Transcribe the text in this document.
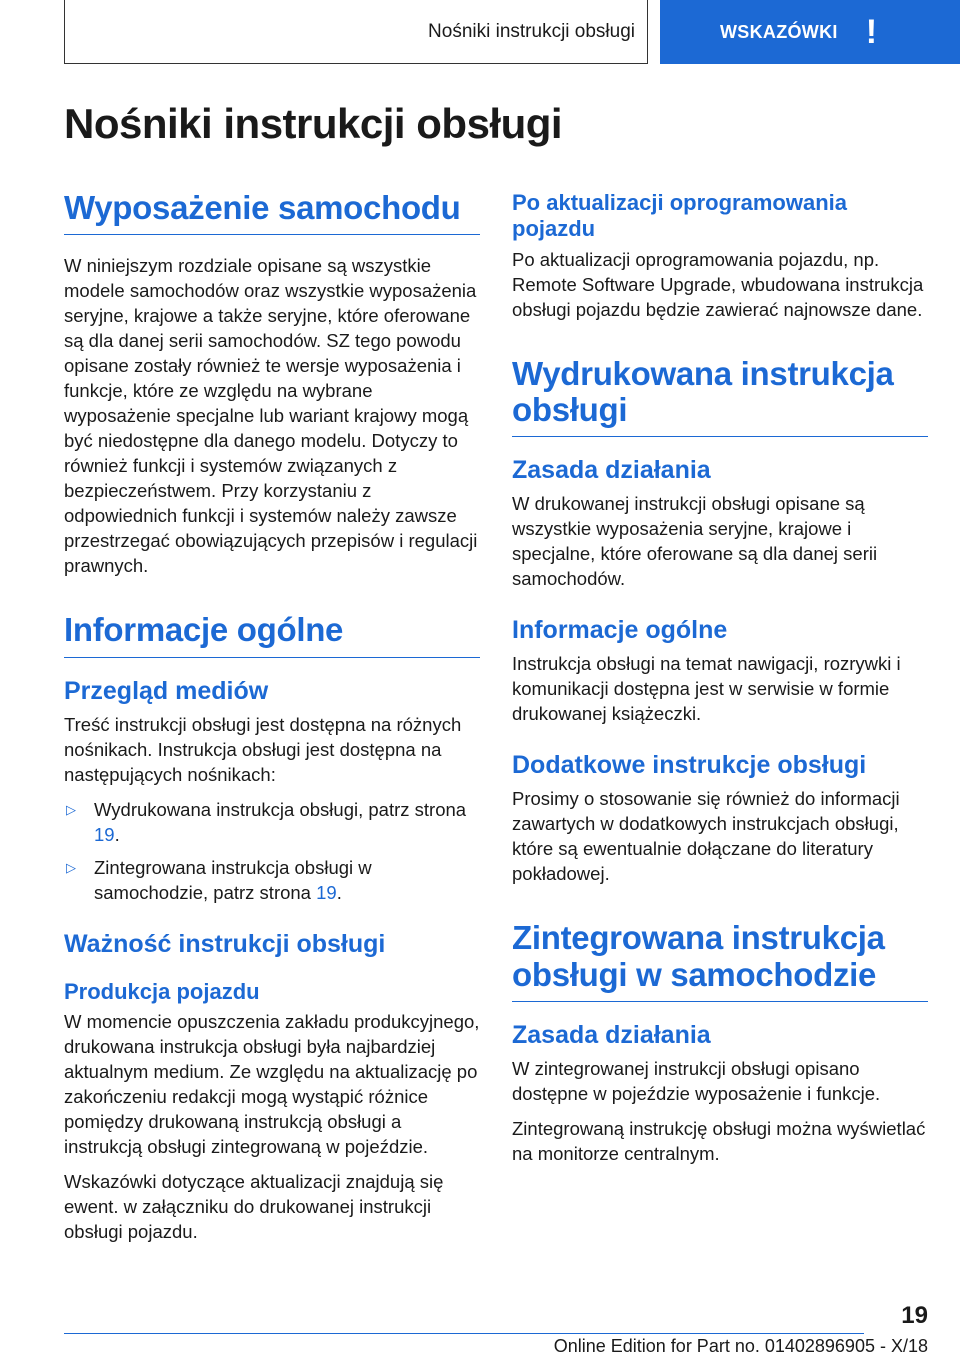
Nośniki instrukcji obsługi	WSKAZÓWKI !
Nośniki instrukcji obsługi
Wyposażenie samochodu

W niniejszym rozdziale opisane są wszystkie modele samochodów oraz wszystkie wyposażenia seryjne, krajowe a także seryjne, które oferowane są dla danej serii samochodów. SZ tego powodu opisane zostały również te wersje wyposażenia i funkcje, które ze względu na wybrane wyposażenie specjalne lub wariant krajowy mogą być niedostępne dla danego modelu. Dotyczy to również funkcji i systemów związanych z bezpieczeństwem. Przy korzystaniu z odpowiednich funkcji i systemów należy zawsze przestrzegać obowiązujących przepisów i regulacji prawnych.

Informacje ogólne
Przegląd mediów

Treść instrukcji obsługi jest dostępna na różnych nośnikach. Instrukcja obsługi jest dostępna na następujących nośnikach:

▷ Wydrukowana instrukcja obsługi, patrz strona 19.
▷ Zintegrowana instrukcja obsługi w samochodzie, patrz strona 19.
Ważność instrukcji obsługi
Produkcja pojazdu

W momencie opuszczenia zakładu produkcyjnego, drukowana instrukcja obsługi była najbardziej aktualnym medium. Ze względu na aktualizację po zakończeniu redakcji mogą wystąpić różnice pomiędzy drukowaną instrukcją obsługi a instrukcją obsługi zintegrowaną w pojeździe.

Wskazówki dotyczące aktualizacji znajdują się ewent. w załączniku do drukowanej instrukcji obsługi pojazdu.

Po aktualizacji oprogramowania pojazdu

Po aktualizacji oprogramowania pojazdu, np. Remote Software Upgrade, wbudowana instrukcja obsługi pojazdu będzie zawierać najnowsze dane.

Wydrukowana instrukcja obsługi
Zasada działania

W drukowanej instrukcji obsługi opisane są wszystkie wyposażenia seryjne, krajowe i specjalne, które oferowane są dla danej serii samochodów.

Informacje ogólne

Instrukcja obsługi na temat nawigacji, rozrywki i komunikacji dostępna jest w serwisie w formie drukowanej książeczki.

Dodatkowe instrukcje obsługi

Prosimy o stosowanie się również do informacji zawartych w dodatkowych instrukcjach obsługi, które są ewentualnie dołączane do literatury pokładowej.

Zintegrowana instrukcja obsługi w samochodzie
Zasada działania

W zintegrowanej instrukcji obsługi opisano dostępne w pojeździe wyposażenie i funkcje.

Zintegrowaną instrukcję obsługi można wyświetlać na monitorze centralnym.

19
Online Edition for Part no. 01402896905 - X/18
